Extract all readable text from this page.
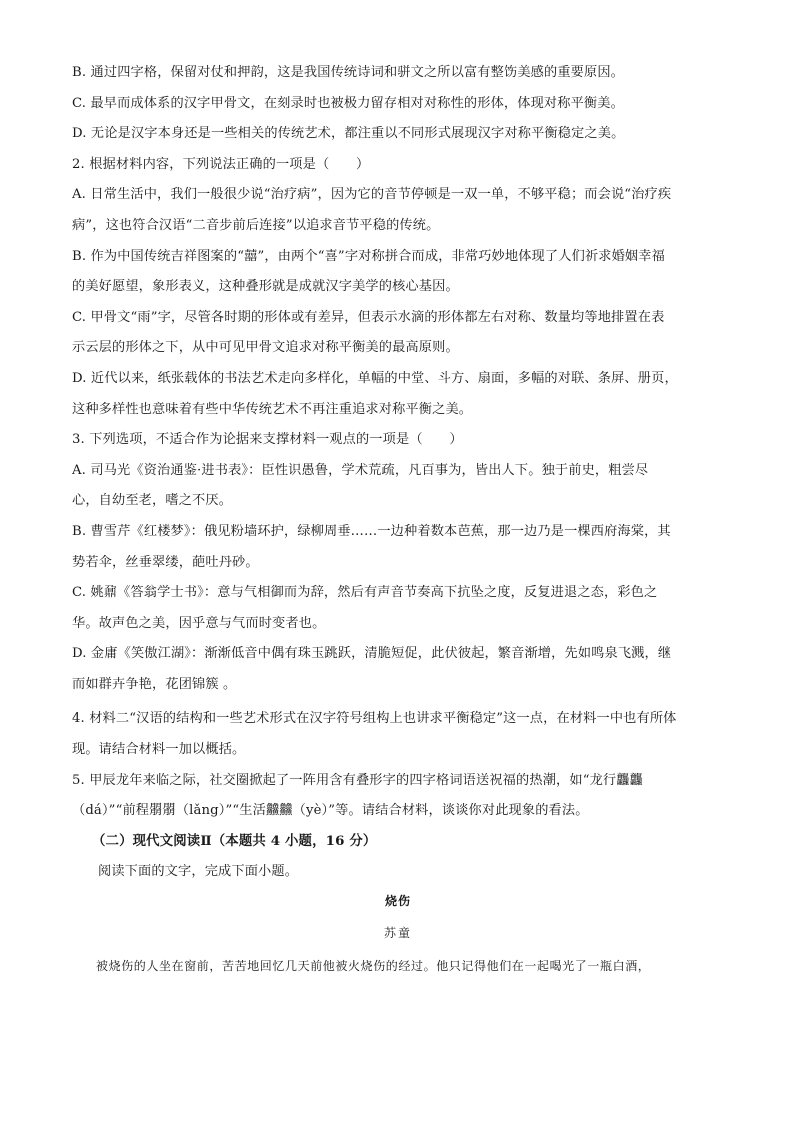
B. 通过四字格，保留对仗和押韵，这是我国传统诗词和骈文之所以富有整饬美感的重要原因。
C. 最早而成体系的汉字甲骨文，在刻录时也被极力留存相对对称性的形体，体现对称平衡美。
D. 无论是汉字本身还是一些相关的传统艺术，都注重以不同形式展现汉字对称平衡稳定之美。
2. 根据材料内容，下列说法正确的一项是（　　）
A. 日常生活中，我们一般很少说“治疗病”，因为它的音节停顿是一双一单，不够平稳；而会说“治疗疾
病”，这也符合汉语“二音步前后连接”以追求音节平稳的传统。
B. 作为中国传统吉祥图案的“囍”，由两个“喜”字对称拼合而成，非常巧妙地体现了人们祈求婚姻幸福
的美好愿望，象形表义，这种叠形就是成就汉字美学的核心基因。
C. 甲骨文“雨”字，尽管各时期的形体或有差异，但表示水滴的形体都左右对称、数量均等地排置在表
示云层的形体之下，从中可见甲骨文追求对称平衡美的最高原则。
D. 近代以来，纸张载体的书法艺术走向多样化，单幅的中堂、斗方、扇面，多幅的对联、条屏、册页，
这种多样性也意味着有些中华传统艺术不再注重追求对称平衡之美。
3. 下列选项，不适合作为论据来支撑材料一观点的一项是（　　）
A. 司马光《资治通鉴·进书表》：臣性识愚鲁，学术荒疏，凡百事为，皆出人下。独于前史，粗尝尽
心，自幼至老，嗜之不厌。
B. 曹雪芹《红楼梦》：俄见粉墙环护，绿柳周垂……一边种着数本芭蕉，那一边乃是一棵西府海棠，其
势若伞，丝垂翠缕，葩吐丹砂。
C. 姚鼐《答翁学士书》：意与气相御而为辞，然后有声音节奏高下抗坠之度，反复进退之态，彩色之
华。故声色之美，因乎意与气而时变者也。
D. 金庸《笑傲江湖》：渐渐低音中偶有珠玉跳跃，清脆短促，此伏彼起，繁音渐增，先如鸣泉飞溅，继
而如群卉争艳，花团锦簇 。
4. 材料二“汉语的结构和一些艺术形式在汉字符号组构上也讲求平衡稳定”这一点，在材料一中也有所体
现。请结合材料一加以概括。
5. 甲辰龙年来临之际，社交圈掀起了一阵用含有叠形字的四字格词语送祝福的热潮，如“龙行龘龘
（dá）”“前程朤朤（lǎng）”“生活䲜䲜（yè）”等。请结合材料，谈谈你对此现象的看法。
（二）现代文阅读Ⅱ（本题共 4 小题，16 分）
阅读下面的文字，完成下面小题。
烧伤
苏童
被烧伤的人坐在窗前，苦苦地回忆几天前他被火烧伤的经过。他只记得他们在一起喝光了一瓶白酒，
